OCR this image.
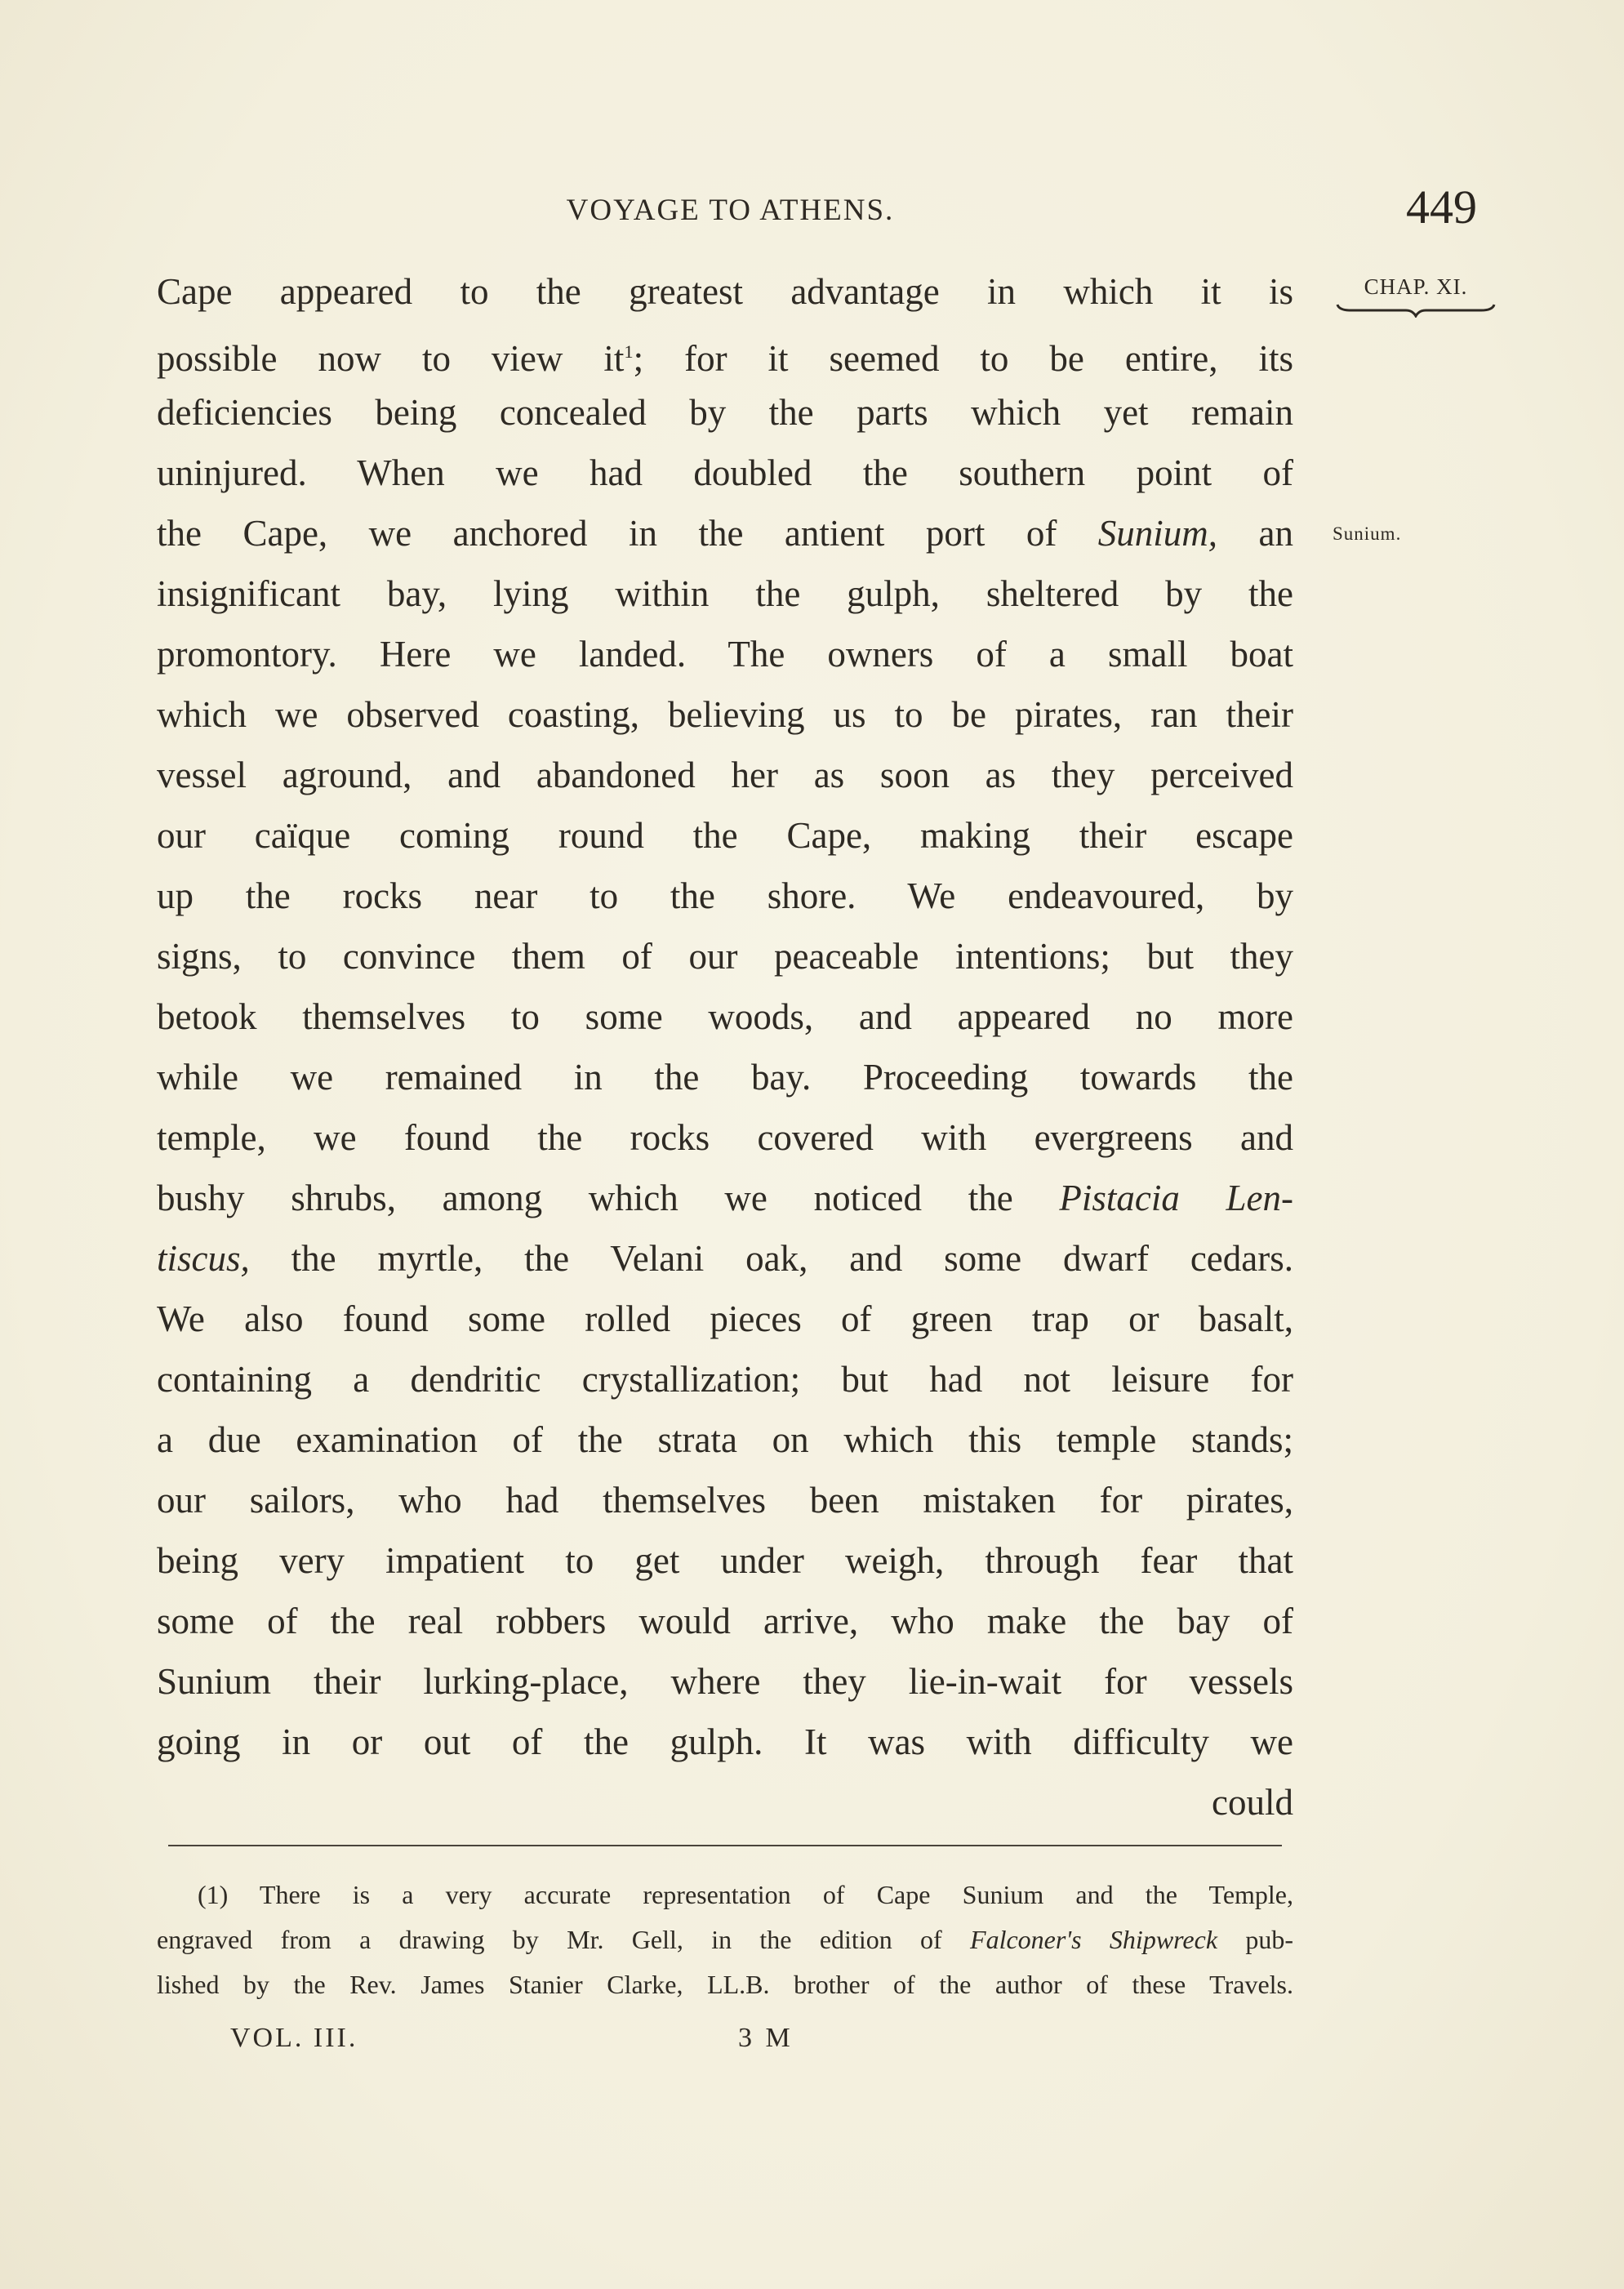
VOYAGE TO ATHENS.	449
CHAP. XI.
Sunium.
Cape appeared to the greatest advantage in which it is
possible now to view $it^1$; for it seemed to be entire, its
deficiencies being concealed by the parts which yet remain
uninjured. When we had doubled the southern point of
the Cape, we anchored in the antient port of Sunium, an
insignificant bay, lying within the gulph, sheltered by the
promontory. Here we landed. The owners of a small boat
which we observed coasting, believing us to be pirates, ran their
vessel aground, and abandoned her as soon as they perceived
our caïque coming round the Cape, making their escape
up the rocks near to the shore. We endeavoured, by
signs, to convince them of our peaceable intentions; but they
betook themselves to some woods, and appeared no more
while we remained in the bay. Proceeding towards the
temple, we found the rocks covered with evergreens and
bushy shrubs, among which we noticed the Pistacia Len-
tiscus, the myrtle, the Velani oak, and some dwarf cedars.
We also found some rolled pieces of green trap or basalt,
containing a dendritic crystallization; but had not leisure for
a due examination of the strata on which this temple stands;
our sailors, who had themselves been mistaken for pirates,
being very impatient to get under weigh, through fear that
some of the real robbers would arrive, who make the bay of
Sunium their lurking-place, where they lie-in-wait for vessels
going in or out of the gulph. It was with difficulty we
could
(1) There is a very accurate representation of Cape Sunium and the Temple,
engraved from a drawing by Mr. Gell, in the edition of Falconer's Shipwreck pub-
lished by the Rev. James Stanier Clarke, LL.B. brother of the author of these Travels.
VOL. III.	3 M
